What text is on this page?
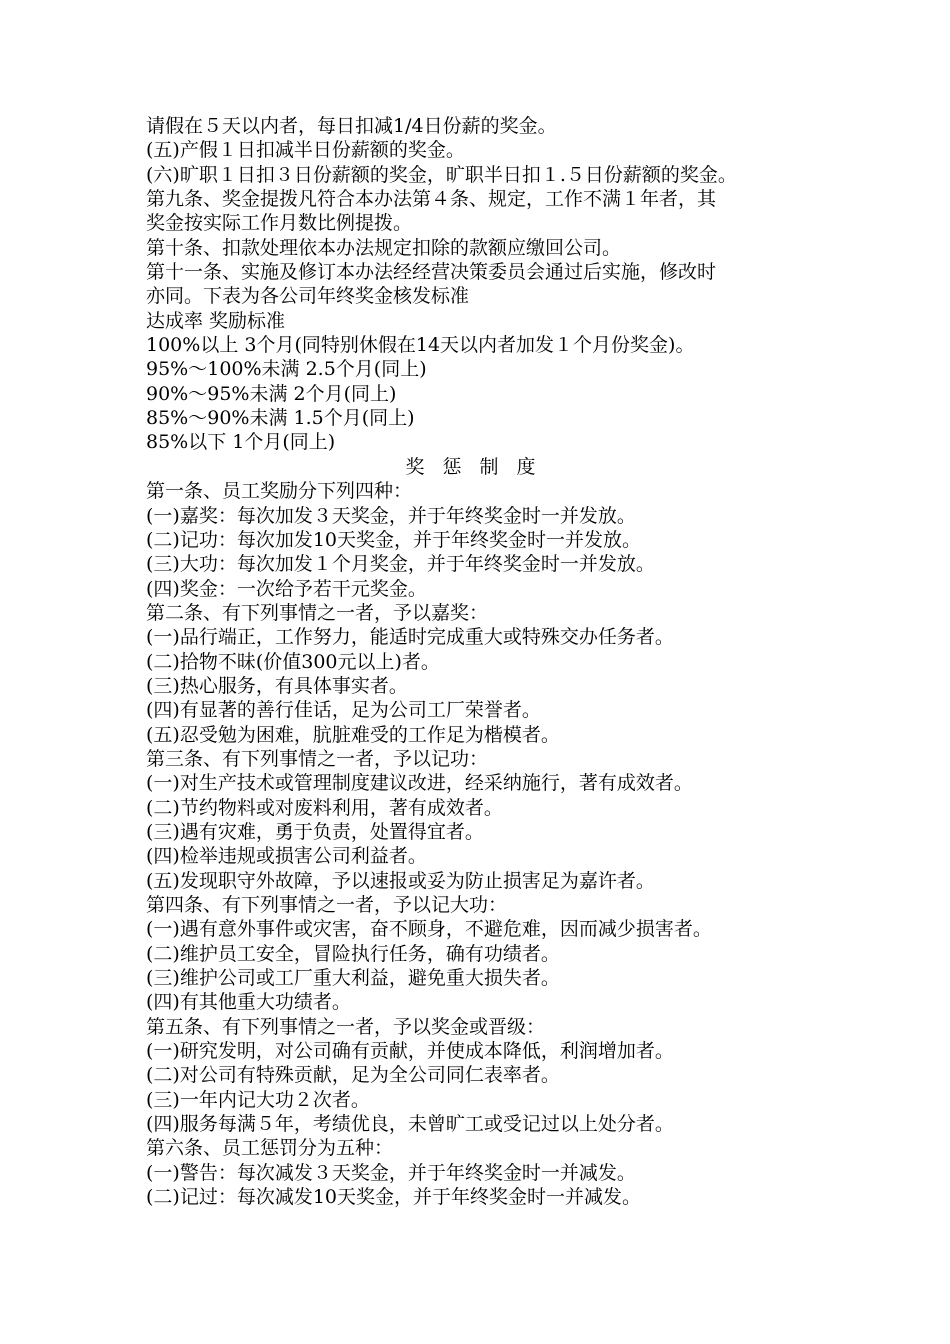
请假在５天以内者，每日扣减1/4日份薪的奖金。
(五)产假１日扣减半日份薪额的奖金。
(六)旷职１日扣３日份薪额的奖金，旷职半日扣１.５日份薪额的奖金。
第九条、奖金提拨凡符合本办法第４条、规定，工作不满１年者，其
奖金按实际工作月数比例提拨。
第十条、扣款处理依本办法规定扣除的款额应缴回公司。
第十一条、实施及修订本办法经经营决策委员会通过后实施，修改时
亦同。下表为各公司年终奖金核发标准
达成率 奖励标准
100%以上 3个月(同特别休假在14天以内者加发１个月份奖金)。
95%～100%未满 2.5个月(同上)
90%～95%未满 2个月(同上)
85%～90%未满 1.5个月(同上)
85%以下 1个月(同上)
奖 惩 制 度
第一条、员工奖励分下列四种：
(一)嘉奖：每次加发３天奖金，并于年终奖金时一并发放。
(二)记功：每次加发10天奖金，并于年终奖金时一并发放。
(三)大功：每次加发１个月奖金，并于年终奖金时一并发放。
(四)奖金：一次给予若干元奖金。
第二条、有下列事情之一者，予以嘉奖：
(一)品行端正，工作努力，能适时完成重大或特殊交办任务者。
(二)拾物不昧(价值300元以上)者。
(三)热心服务，有具体事实者。
(四)有显著的善行佳话，足为公司工厂荣誉者。
(五)忍受勉为困难，肮脏难受的工作足为楷模者。
第三条、有下列事情之一者，予以记功：
(一)对生产技术或管理制度建议改进，经采纳施行，著有成效者。
(二)节约物料或对废料利用，著有成效者。
(三)遇有灾难，勇于负责，处置得宜者。
(四)检举违规或损害公司利益者。
(五)发现职守外故障，予以速报或妥为防止损害足为嘉许者。
第四条、有下列事情之一者，予以记大功：
(一)遇有意外事件或灾害，奋不顾身，不避危难，因而减少损害者。
(二)维护员工安全，冒险执行任务，确有功绩者。
(三)维护公司或工厂重大利益，避免重大损失者。
(四)有其他重大功绩者。
第五条、有下列事情之一者，予以奖金或晋级：
(一)研究发明，对公司确有贡献，并使成本降低，利润增加者。
(二)对公司有特殊贡献，足为全公司同仁表率者。
(三)一年内记大功２次者。
(四)服务每满５年，考绩优良，未曾旷工或受记过以上处分者。
第六条、员工惩罚分为五种：
(一)警告：每次减发３天奖金，并于年终奖金时一并减发。
(二)记过：每次减发10天奖金，并于年终奖金时一并减发。
